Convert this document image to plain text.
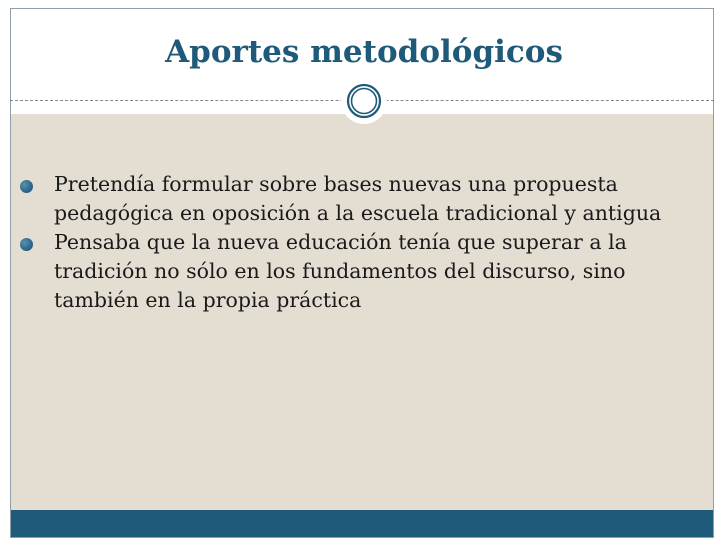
Aportes metodológicos
Pretendía formular sobre bases nuevas una propuesta pedagógica en oposición a la escuela tradicional y antigua
Pensaba que la nueva educación tenía que superar a la tradición no sólo en los fundamentos del discurso, sino también en la propia práctica
